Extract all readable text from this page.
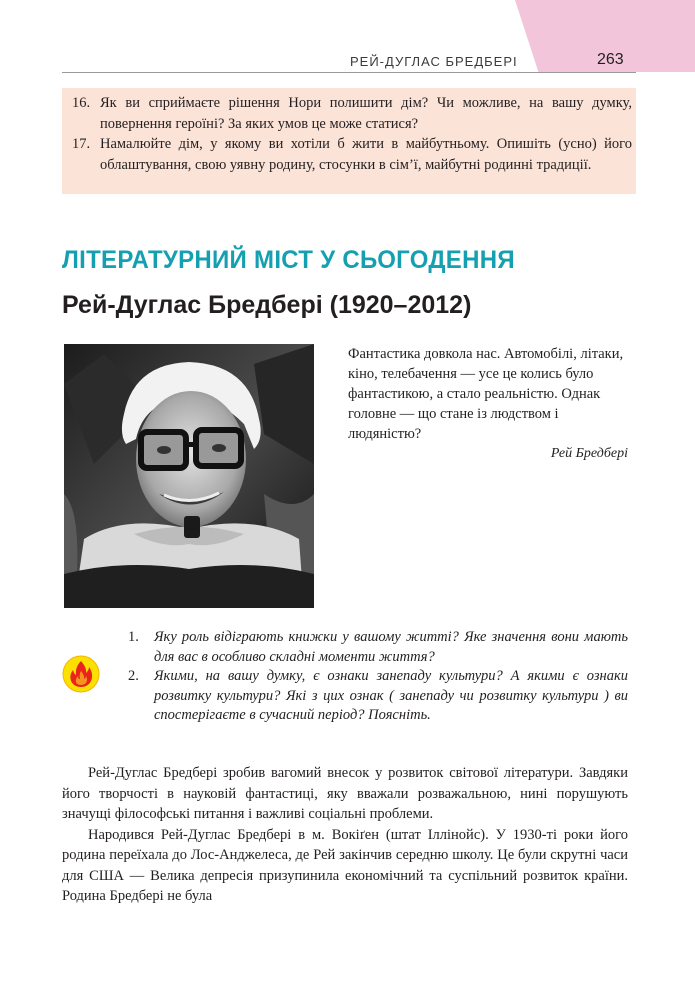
РЕЙ-ДУГЛАС БРЕДБЕРІ	263
16. Як ви сприймаєте рішення Нори полишити дім? Чи можливе, на вашу думку, повернення героїні? За яких умов це може статися?
17. Намалюйте дім, у якому ви хотіли б жити в майбутньому. Опишіть (усно) його облаштування, свою уявну родину, стосунки в сім’ї, майбутні родинні традиції.
ЛІТЕРАТУРНИЙ МІСТ У СЬОГОДЕННЯ
Рей-Дуглас Бредбері (1920–2012)
Фантастика довкола нас. Автомобілі, літаки, кіно, телебачення — усе це колись було фантастикою, а стало реальністю. Однак головне — що стане із людством і людяністю?
Рей Бредбері
1. Яку роль відіграють книжки у вашому житті? Яке значення вони мають для вас в особливо складні моменти життя?
2. Якими, на вашу думку, є ознаки занепаду культури? А якими є ознаки розвитку культури? Які з цих ознак ( занепаду чи розвитку культури ) ви спостерігаєте в сучасний період? Поясніть.

Рей-Дуглас Бредбері зробив вагомий внесок у розвиток світової літератури. Завдяки його творчості в науковій фантастиці, яку вважали розважальною, нині порушують значущі філософські питання і важливі соціальні проблеми.

Народився Рей-Дуглас Бредбері в м. Вокіґен (штат Іллінойс). У 1930-ті роки його родина переїхала до Лос-Анджелеса, де Рей закінчив середню школу. Це були скрутні часи для США — Велика депресія призупинила економічний та суспільний розвиток країни. Родина Бредбері не була
